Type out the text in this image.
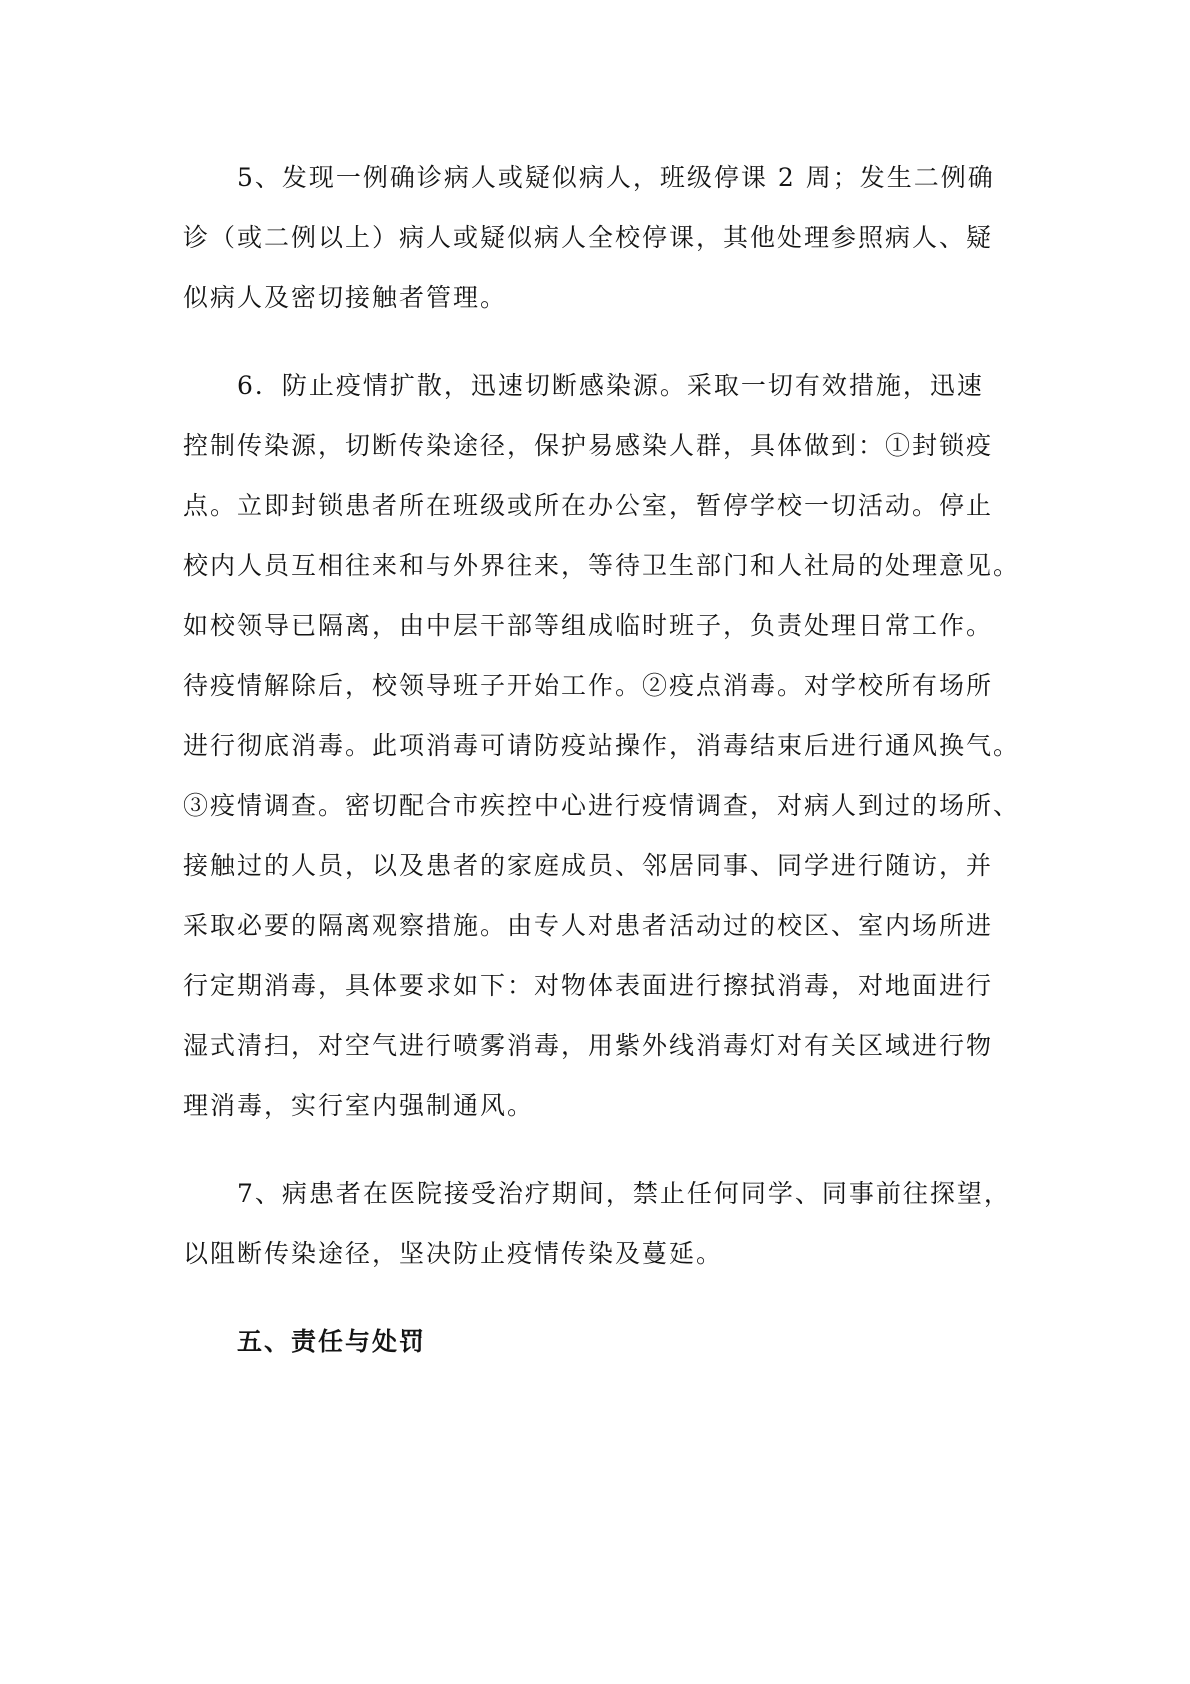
5、发现一例确诊病人或疑似病人，班级停课 2 周；发生二例确
诊（或二例以上）病人或疑似病人全校停课，其他处理参照病人、疑
似病人及密切接触者管理。

6．防止疫情扩散，迅速切断感染源。采取一切有效措施，迅速
控制传染源，切断传染途径，保护易感染人群，具体做到：①封锁疫
点。立即封锁患者所在班级或所在办公室，暂停学校一切活动。停止
校内人员互相往来和与外界往来，等待卫生部门和人社局的处理意见。
如校领导已隔离，由中层干部等组成临时班子，负责处理日常工作。
待疫情解除后，校领导班子开始工作。②疫点消毒。对学校所有场所
进行彻底消毒。此项消毒可请防疫站操作，消毒结束后进行通风换气。
③疫情调查。密切配合市疾控中心进行疫情调查，对病人到过的场所、
接触过的人员，以及患者的家庭成员、邻居同事、同学进行随访，并
采取必要的隔离观察措施。由专人对患者活动过的校区、室内场所进
行定期消毒，具体要求如下：对物体表面进行擦拭消毒，对地面进行
湿式清扫，对空气进行喷雾消毒，用紫外线消毒灯对有关区域进行物
理消毒，实行室内强制通风。

7、病患者在医院接受治疗期间，禁止任何同学、同事前往探望，
以阻断传染途径，坚决防止疫情传染及蔓延。

五、责任与处罚
